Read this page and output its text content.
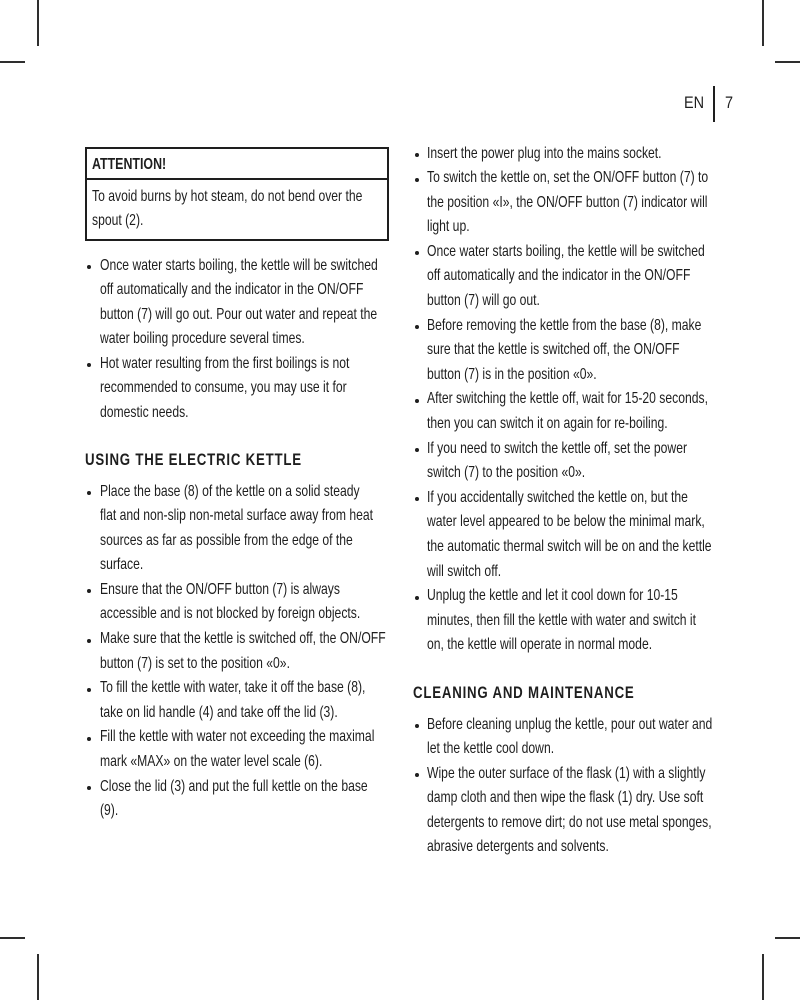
EN 7
ATTENTION!
To avoid burns by hot steam, do not bend over the
spout (2).
Once water starts boiling, the kettle will be switched
off automatically and the indicator in the ON/OFF
button (7) will go out. Pour out water and repeat the
water boiling procedure several times.
Hot water resulting from the first boilings is not
recommended to consume, you may use it for
domestic needs.
USING THE ELECTRIC KETTLE
Place the base (8) of the kettle on a solid steady
flat and non-slip non-metal surface away from heat
sources as far as possible from the edge of the
surface.
Ensure that the ON/OFF button (7) is always
accessible and is not blocked by foreign objects.
Make sure that the kettle is switched off, the ON/OFF
button (7) is set to the position «0».
To fill the kettle with water, take it off the base (8),
take on lid handle (4) and take off the lid (3).
Fill the kettle with water not exceeding the maximal
mark «MAX» on the water level scale (6).
Close the lid (3) and put the full kettle on the base
(9).
Insert the power plug into the mains socket.
To switch the kettle on, set the ON/OFF button (7) to
the position «I», the ON/OFF button (7) indicator will
light up.
Once water starts boiling, the kettle will be switched
off automatically and the indicator in the ON/OFF
button (7) will go out.
Before removing the kettle from the base (8), make
sure that the kettle is switched off, the ON/OFF
button (7) is in the position «0».
After switching the kettle off, wait for 15-20 seconds,
then you can switch it on again for re-boiling.
If you need to switch the kettle off, set the power
switch (7) to the position «0».
If you accidentally switched the kettle on, but the
water level appeared to be below the minimal mark,
the automatic thermal switch will be on and the kettle
will switch off.
Unplug the kettle and let it cool down for 10-15
minutes, then fill the kettle with water and switch it
on, the kettle will operate in normal mode.
CLEANING AND MAINTENANCE
Before cleaning unplug the kettle, pour out water and
let the kettle cool down.
Wipe the outer surface of the flask (1) with a slightly
damp cloth and then wipe the flask (1) dry. Use soft
detergents to remove dirt; do not use metal sponges,
abrasive detergents and solvents.
